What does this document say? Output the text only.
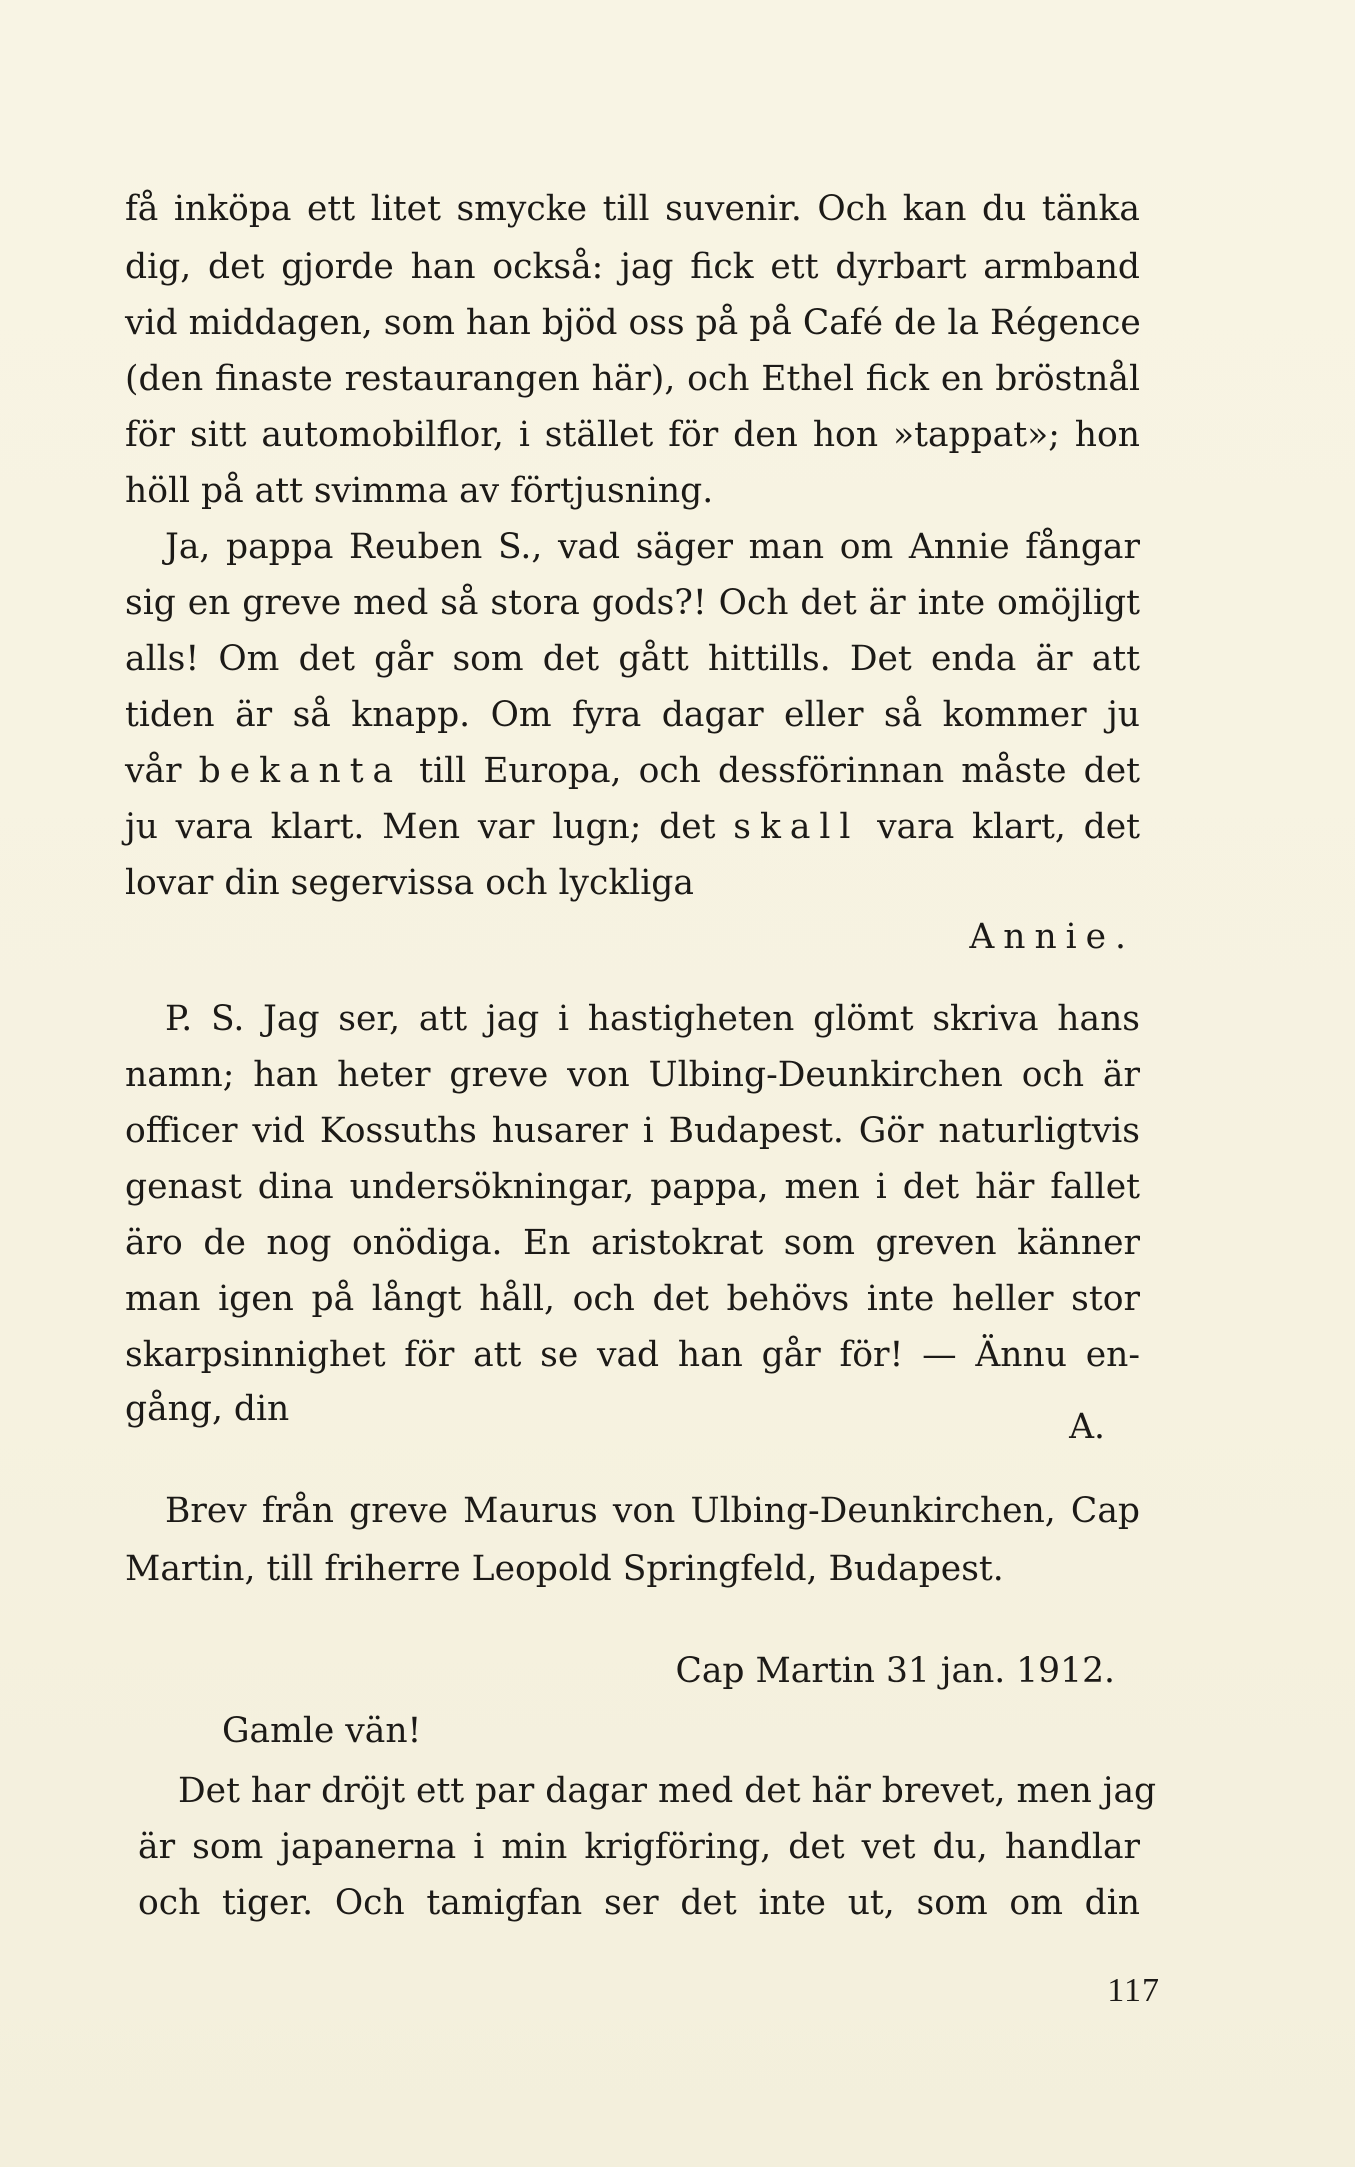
få inköpa ett litet smycke till suvenir. Och kan du tänka
dig, det gjorde han också: jag fick ett dyrbart armband
vid middagen, som han bjöd oss på på Café de la Régence
(den finaste restaurangen här), och Ethel fick en bröstnål
för sitt automobilflor, i stället för den hon »tappat»; hon
höll på att svimma av förtjusning.
Ja, pappa Reuben S., vad säger man om Annie fångar
sig en greve med så stora gods?! Och det är inte omöjligt
alls! Om det går som det gått hittills. Det enda är att
tiden är så knapp. Om fyra dagar eller så kommer ju
vår bekanta till Europa, och dessförinnan måste det
ju vara klart. Men var lugn; det skall vara klart, det
lovar din segervissa och lyckliga
Annie.
P. S. Jag ser, att jag i hastigheten glömt skriva hans
namn; han heter greve von Ulbing-Deunkirchen och är
officer vid Kossuths husarer i Budapest. Gör naturligtvis
genast dina undersökningar, pappa, men i det här fallet
äro de nog onödiga. En aristokrat som greven känner
man igen på långt håll, och det behövs inte heller stor
skarpsinnighet för att se vad han går för! — Ännu en-
gång, din	A.
Brev från greve Maurus von Ulbing-Deunkirchen, Cap
Martin, till friherre Leopold Springfeld, Budapest.
Cap Martin 31 jan. 1912.
Gamle vän!
Det har dröjt ett par dagar med det här brevet, men jag
är som japanerna i min krigföring, det vet du, handlar
och tiger. Och tamigfan ser det inte ut, som om din
117
